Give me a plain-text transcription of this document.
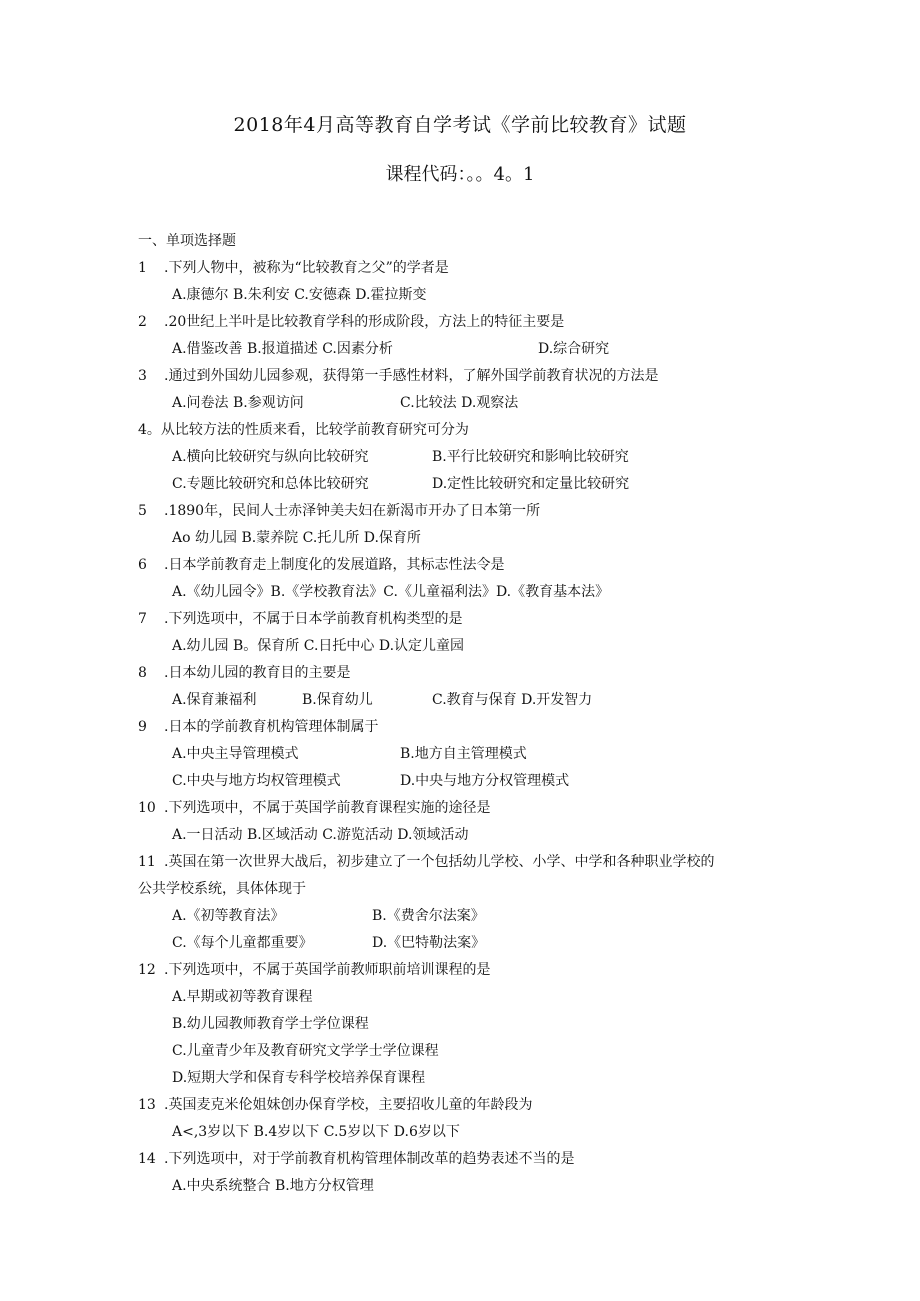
2018年4月高等教育自学考试《学前比较教育》试题
课程代码：。。4。1
一、单项选择题
1 .下列人物中，被称为“比较教育之父”的学者是
A.康德尔 B.朱利安 C.安德森 D.霍拉斯变
2 .20世纪上半叶是比较教育学科的形成阶段，方法上的特征主要是
A.借鉴改善 B.报道描述 C.因素分析	D.综合研究
3 .通过到外国幼儿园参观，获得第一手感性材料，了解外国学前教育状况的方法是
A.问卷法 B.参观访问	C.比较法 D.观察法
4。从比较方法的性质来看，比较学前教育研究可分为
A.横向比较研究与纵向比较研究	B.平行比较研究和影响比较研究
C.专题比较研究和总体比较研究	D.定性比较研究和定量比较研究
5 .1890年，民间人士赤泽钟美夫妇在新渴市开办了日本第一所
Ao 幼儿园 B.蒙养院 C.托儿所 D.保育所
6 .日本学前教育走上制度化的发展道路，其标志性法令是
A.《幼儿园令》B.《学校教育法》C.《儿童福利法》D.《教育基本法》
7 .下列选项中，不属于日本学前教育机构类型的是
A.幼儿园 B。保育所 C.日托中心 D.认定儿童园
8 .日本幼儿园的教育目的主要是
A.保育兼福利	B.保育幼儿	C.教育与保育 D.开发智力
9 .日本的学前教育机构管理体制属于
A.中央主导管理模式	B.地方自主管理模式
C.中央与地方均权管理模式	D.中央与地方分权管理模式
10 .下列选项中，不属于英国学前教育课程实施的途径是
A.一日活动 B.区域活动 C.游览活动 D.领域活动
11 .英国在第一次世界大战后，初步建立了一个包括幼儿学校、小学、中学和各种职业学校的
公共学校系统，具体体现于
A.《初等教育法》	B.《费舍尔法案》
C.《每个儿童都重要》	D.《巴特勒法案》
12 .下列选项中，不属于英国学前教师职前培训课程的是
A.早期或初等教育课程
B.幼儿园教师教育学士学位课程
C.儿童青少年及教育研究文学学士学位课程
D.短期大学和保育专科学校培养保育课程
13 .英国麦克米伦姐妹创办保育学校，主要招收儿童的年龄段为
A<,3岁以下 B.4岁以下 C.5岁以下 D.6岁以下
14 .下列选项中，对于学前教育机构管理体制改革的趋势表述不当的是
A.中央系统整合 B.地方分权管理
